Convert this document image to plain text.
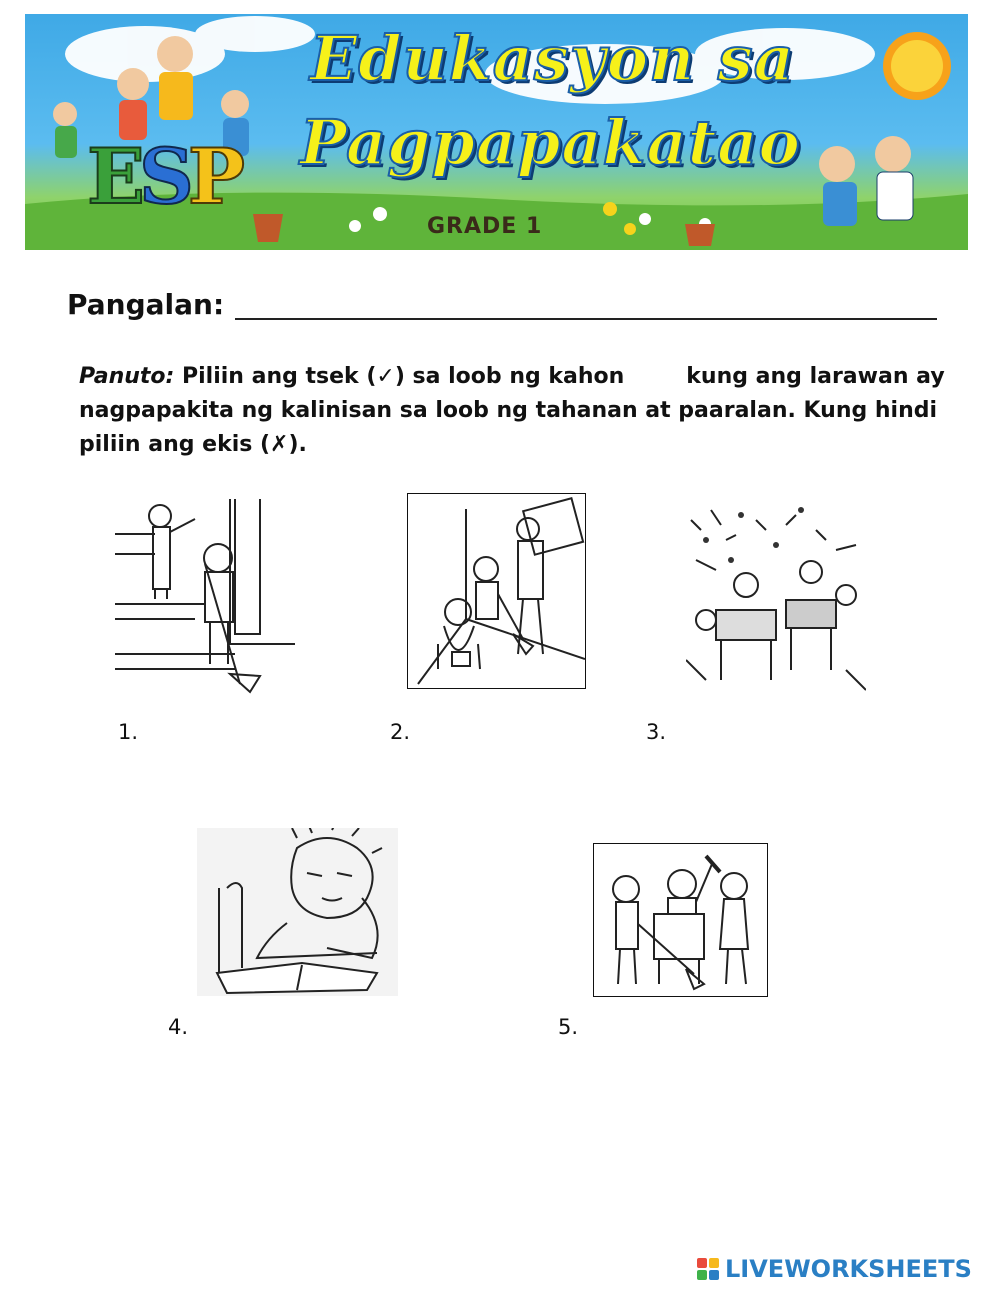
ESP
Edukasyon sa
Pagpapakatao
GRADE 1
Pangalan:
Panuto: Piliin ang tsek (✓) sa loob ng kahon	kung ang larawan ay nagpapakita ng kalinisan sa loob ng tahanan at paaralan. Kung hindi piliin ang ekis (✗).
1.	2.	3.
4.	5.
LIVEWORKSHEETS
